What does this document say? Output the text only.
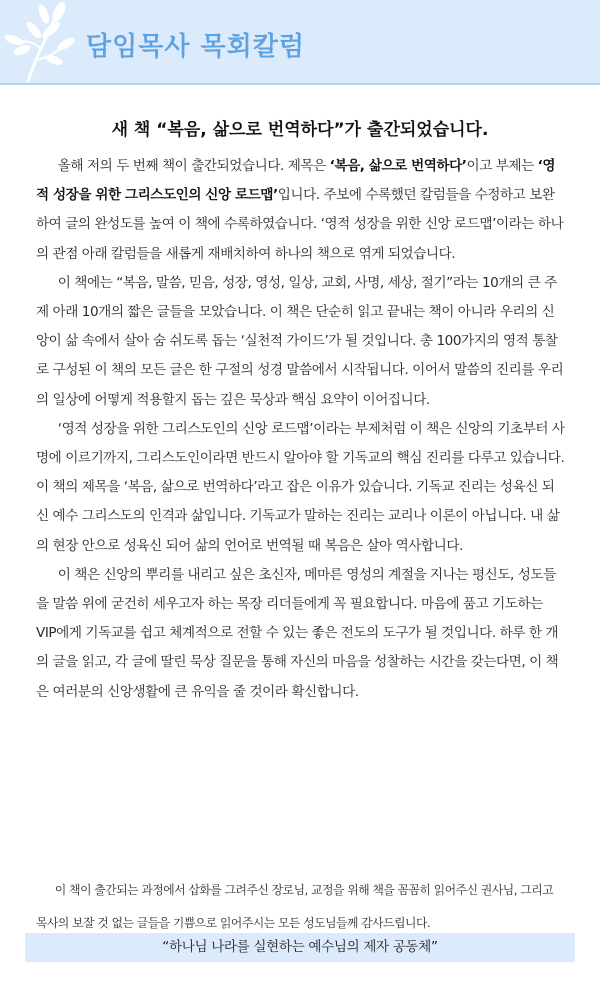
담임목사 목회칼럼
새 책 “복음, 삶으로 번역하다”가 출간되었습니다.

올해 저의 두 번째 책이 출간되었습니다. 제목은 ‘복음, 삶으로 번역하다’이고 부제는 ‘영적 성장을 위한 그리스도인의 신앙 로드맵’입니다. 주보에 수록했던 칼럼들을 수정하고 보완하여 글의 완성도를 높여 이 책에 수록하였습니다. ‘영적 성장을 위한 신앙 로드맵’이라는 하나의 관점 아래 칼럼들을 새롭게 재배치하여 하나의 책으로 엮게 되었습니다.

이 책에는 “복음, 말씀, 믿음, 성장, 영성, 일상, 교회, 사명, 세상, 절기”라는 10개의 큰 주제 아래 10개의 짧은 글들을 모았습니다. 이 책은 단순히 읽고 끝내는 책이 아니라 우리의 신앙이 삶 속에서 살아 숨 쉬도록 돕는 ‘실천적 가이드’가 될 것입니다. 총 100가지의 영적 통찰로 구성된 이 책의 모든 글은 한 구절의 성경 말씀에서 시작됩니다. 이어서 말씀의 진리를 우리의 일상에 어떻게 적용할지 돕는 깊은 묵상과 핵심 요약이 이어집니다.

‘영적 성장을 위한 그리스도인의 신앙 로드맵’이라는 부제처럼 이 책은 신앙의 기초부터 사명에 이르기까지, 그리스도인이라면 반드시 알아야 할 기독교의 핵심 진리를 다루고 있습니다. 이 책의 제목을 ‘복음, 삶으로 번역하다’라고 잡은 이유가 있습니다. 기독교 진리는 성육신 되신 예수 그리스도의 인격과 삶입니다. 기독교가 말하는 진리는 교리나 이론이 아닙니다. 내 삶의 현장 안으로 성육신 되어 삶의 언어로 번역될 때 복음은 살아 역사합니다.

이 책은 신앙의 뿌리를 내리고 싶은 초신자, 메마른 영성의 계절을 지나는 평신도, 성도들을 말씀 위에 굳건히 세우고자 하는 목장 리더들에게 꼭 필요합니다. 마음에 품고 기도하는 VIP에게 기독교를 쉽고 체계적으로 전할 수 있는 좋은 전도의 도구가 될 것입니다. 하루 한 개의 글을 읽고, 각 글에 딸린 묵상 질문을 통해 자신의 마음을 성찰하는 시간을 갖는다면, 이 책은 여러분의 신앙생활에 큰 유익을 줄 것이라 확신합니다.

이 책이 출간되는 과정에서 삽화를 그려주신 장로님, 교정을 위해 책을 꼼꼼히 읽어주신 권사님, 그리고 목사의 보잘 것 없는 글들을 기쁨으로 읽어주시는 모든 성도님들께 감사드립니다.

“하나님 나라를 실현하는 예수님의 제자 공동체”
